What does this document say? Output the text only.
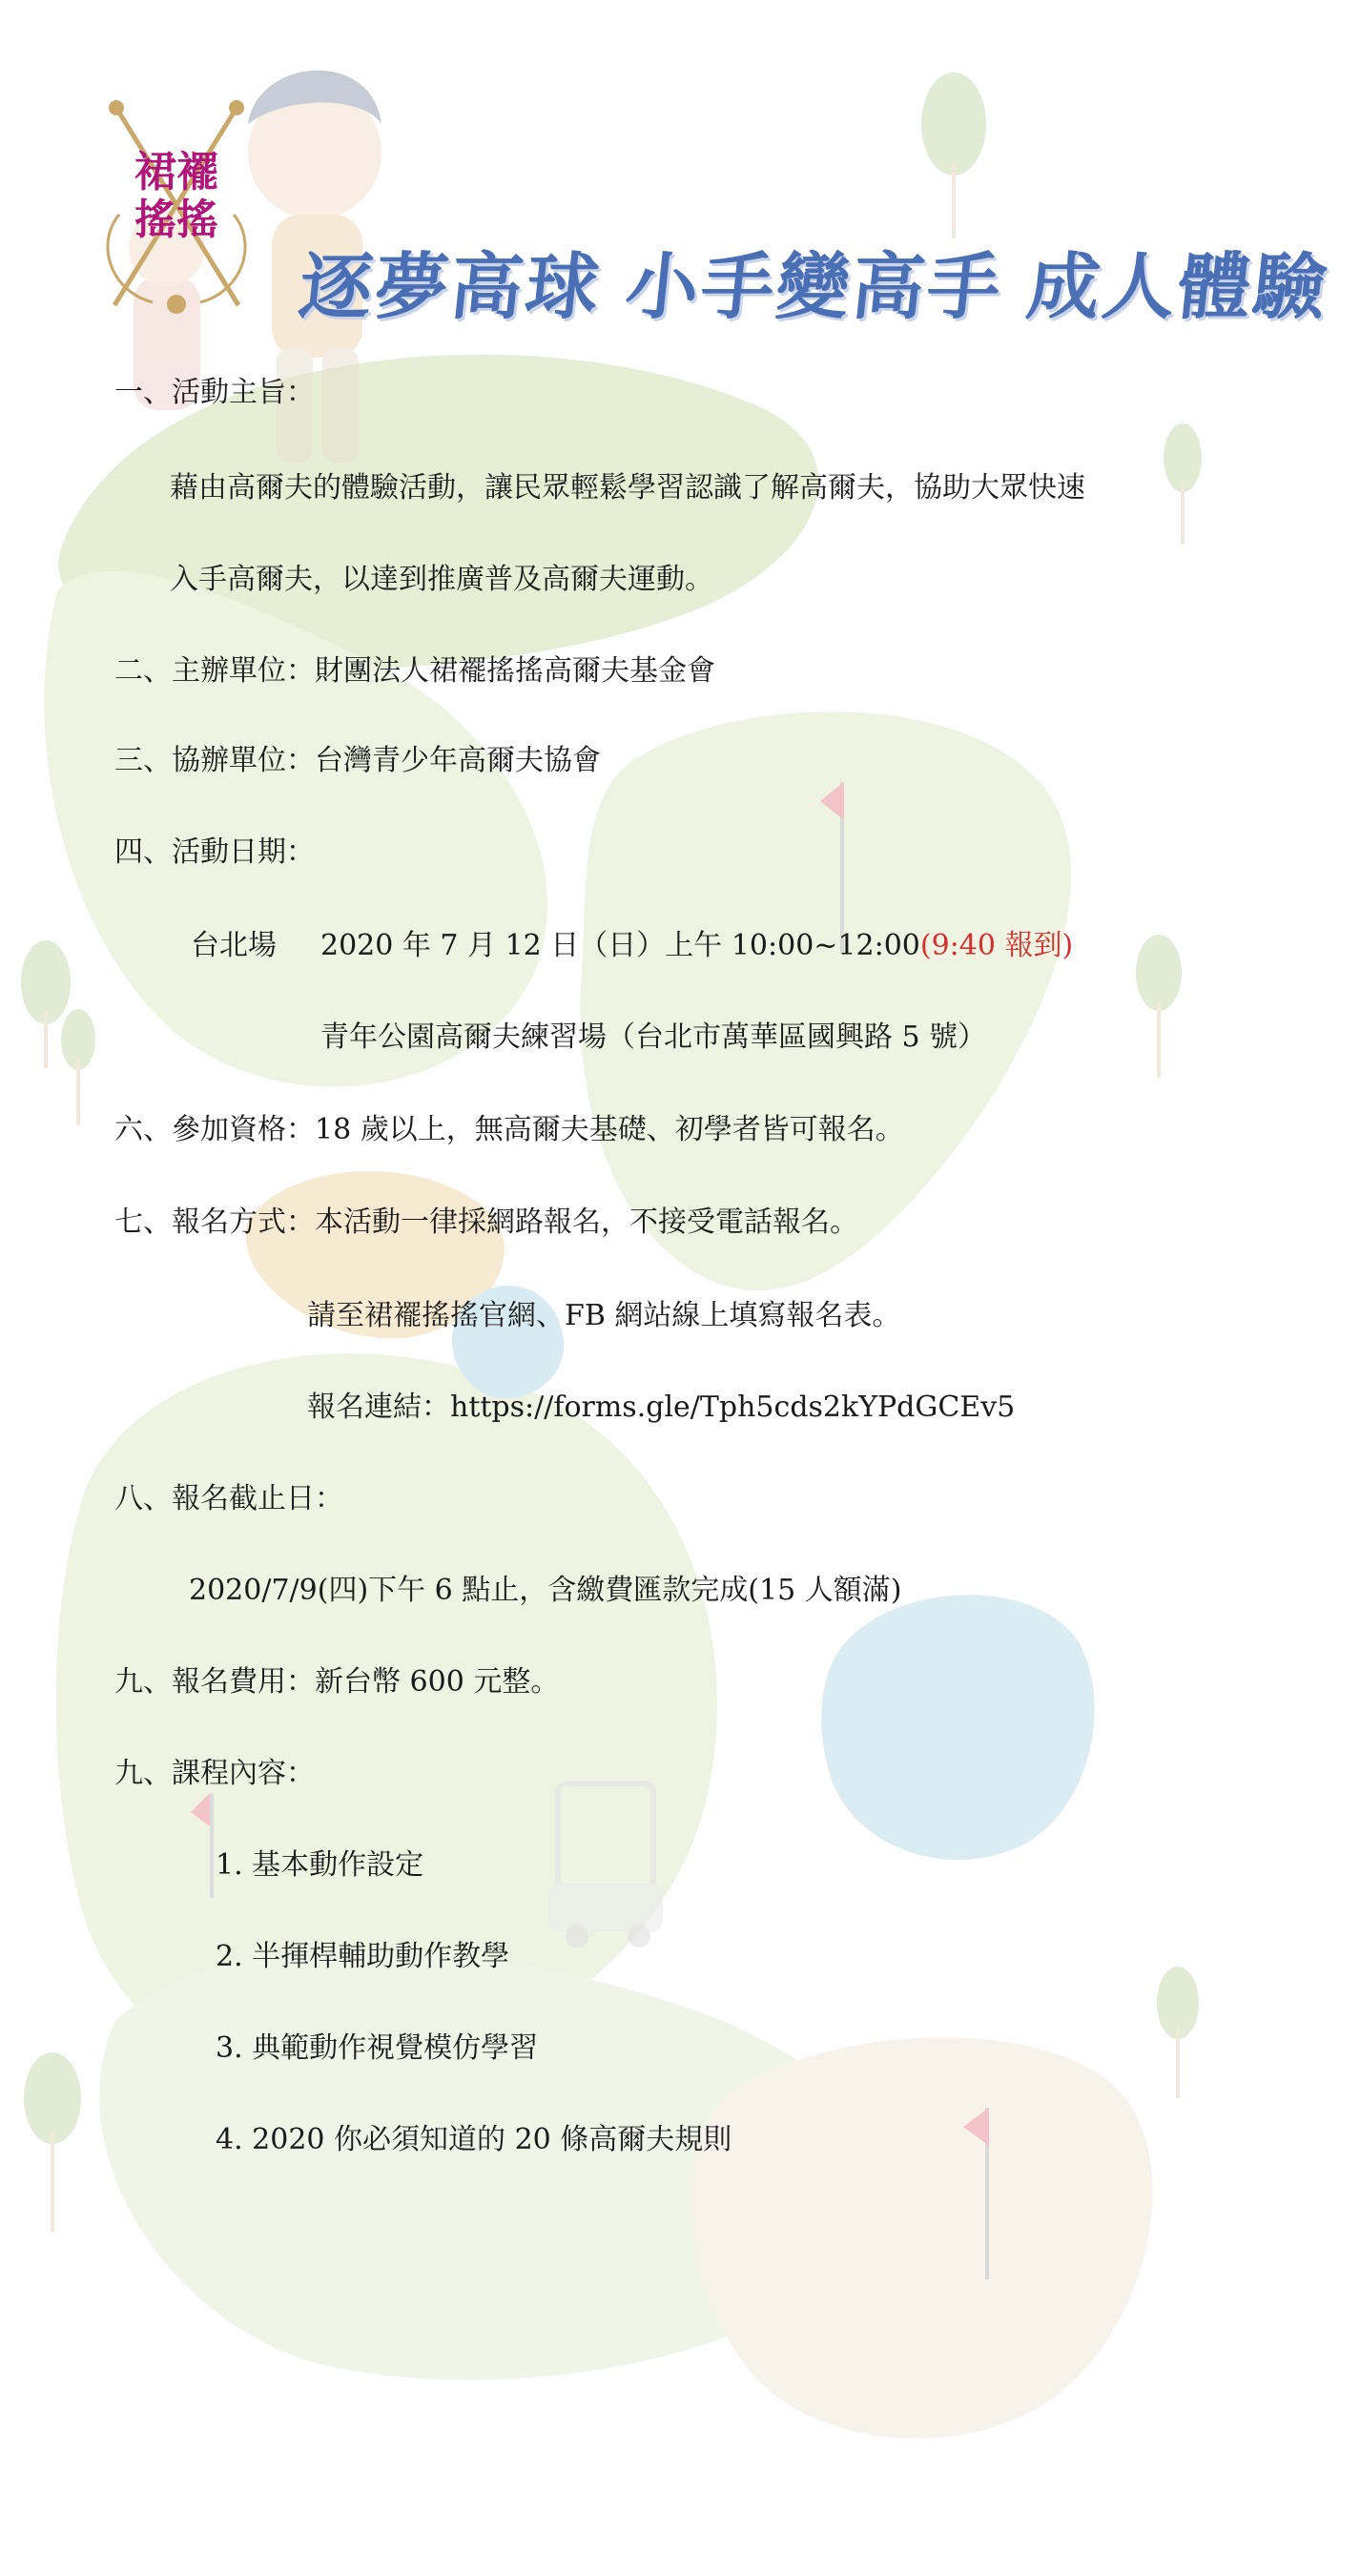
裙襬
搖搖
逐夢高球 小手變高手 成人體驗
一、活動主旨：
藉由高爾夫的體驗活動，讓民眾輕鬆學習認識了解高爾夫，協助大眾快速
入手高爾夫，以達到推廣普及高爾夫運動。
二、主辦單位：財團法人裙襬搖搖高爾夫基金會
三、協辦單位：台灣青少年高爾夫協會
四、活動日期：
台北場 2020 年 7 月 12 日（日）上午 10:00~12:00(9:40 報到)
青年公園高爾夫練習場（台北市萬華區國興路 5 號）
六、參加資格：18 歲以上，無高爾夫基礎、初學者皆可報名。
七、報名方式：本活動一律採網路報名，不接受電話報名。
請至裙襬搖搖官網、FB 網站線上填寫報名表。
報名連結：https://forms.gle/Tph5cds2kYPdGCEv5
八、報名截止日：
2020/7/9(四)下午 6 點止，含繳費匯款完成(15 人額滿)
九、報名費用：新台幣 600 元整。
九、課程內容：
1. 基本動作設定
2. 半揮桿輔助動作教學
3. 典範動作視覺模仿學習
4. 2020 你必須知道的 20 條高爾夫規則
